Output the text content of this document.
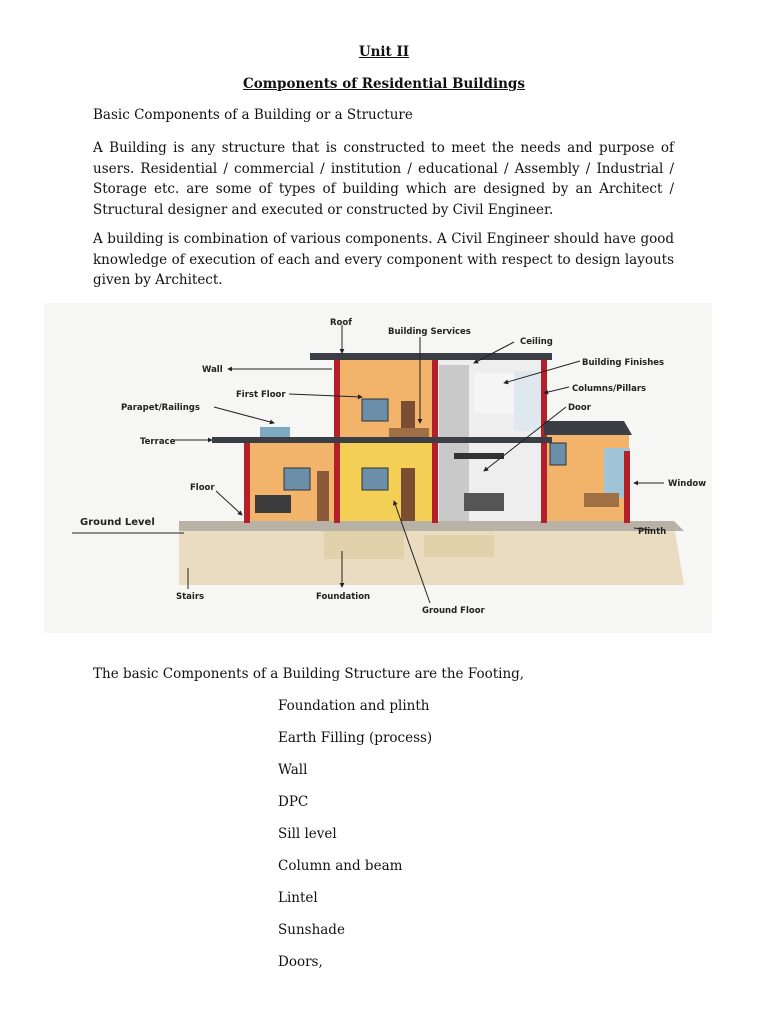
Unit II
Components of Residential Buildings
Basic Components of a Building or a Structure
A Building is any structure that is constructed to meet the needs and purpose of users. Residential / commercial / institution / educational / Assembly / Industrial / Storage etc. are some of types of building which are designed by an Architect / Structural designer and executed or constructed by Civil Engineer.
A building is combination of various components. A Civil Engineer should have good knowledge of execution of each and every component with respect to design layouts given by Architect.
Roof
Building Services
Ceiling
Wall
Building Finishes
First Floor
Columns/Pillars
Parapet/Railings	Door
Terrace
Floor	Window
Ground Level
Plinth
Stairs	Foundation
Ground Floor
The basic Components of a Building Structure are the Footing,
Foundation and plinth
Earth Filling (process)
Wall
DPC
Sill level
Column and beam
Lintel
Sunshade
Doors,
